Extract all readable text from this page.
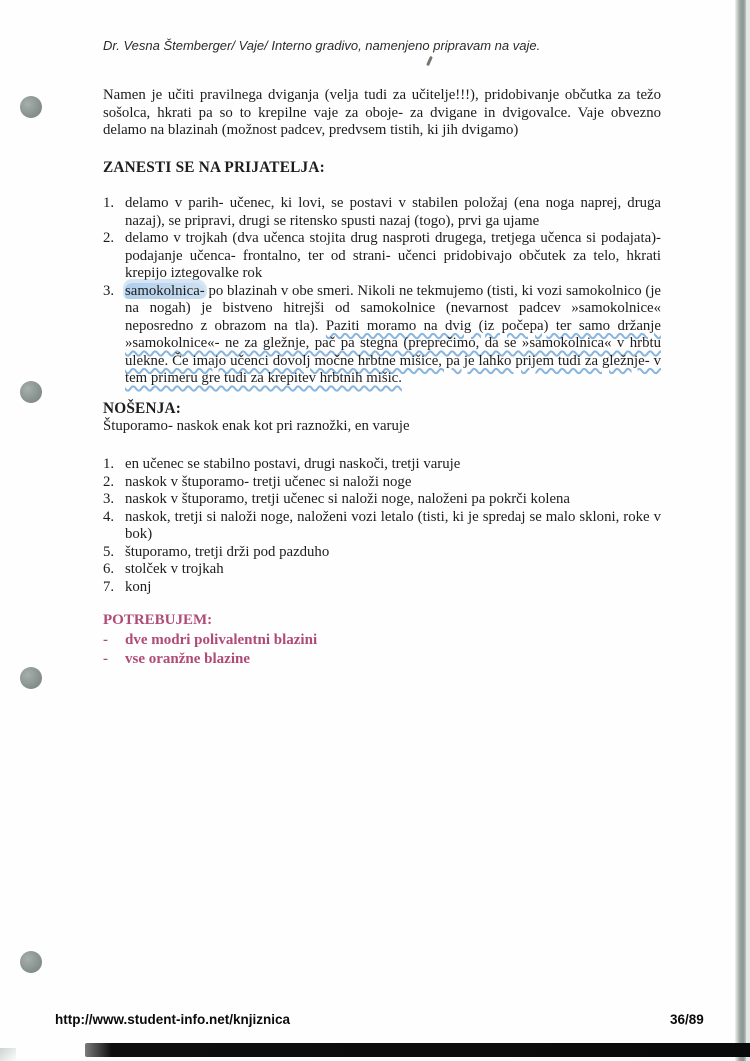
Dr. Vesna Štemberger/ Vaje/ Interno gradivo, namenjeno pripravam na vaje.
Namen je učiti pravilnega dviganja (velja tudi za učitelje!!!), pridobivanje občutka za težo sošolca, hkrati pa so to krepilne vaje za oboje- za dvigane in dvigovalce. Vaje obvezno delamo na blazinah (možnost padcev, predvsem tistih, ki jih dvigamo)
ZANESTI SE NA PRIJATELJA:
1. delamo v parih- učenec, ki lovi, se postavi v stabilen položaj (ena noga naprej, druga nazaj), se pripravi, drugi se ritensko spusti nazaj (togo), prvi ga ujame
2. delamo v trojkah (dva učenca stojita drug nasproti drugega, tretjega učenca si podajata)- podajanje učenca- frontalno, ter od strani- učenci pridobivajo občutek za telo, hkrati krepijo iztegovalke rok
3. samokolnica- po blazinah v obe smeri. Nikoli ne tekmujemo (tisti, ki vozi samokolnico (je na nogah) je bistveno hitrejši od samokolnice (nevarnost padcev »samokolnice« neposredno z obrazom na tla). Paziti moramo na dvig (iz počepa) ter samo držanje »samokolnice«- ne za gležnje, pač pa stegna (preprečimo, da se »samokolnica« v hrbtu ulekne. Če imajo učenci dovolj močne hrbtne mišice, pa je lahko prijem tudi za gležnje- v tem primeru gre tudi za krepitev hrbtnih mišic.
NOŠENJA:
Štuporamo- naskok enak kot pri raznožki, en varuje
1. en učenec se stabilno postavi, drugi naskoči, tretji varuje
2. naskok v štuporamo- tretji učenec si naloži noge
3. naskok v štuporamo, tretji učenec si naloži noge, naloženi pa pokrči kolena
4. naskok, tretji si naloži noge, naloženi vozi letalo (tisti, ki je spredaj se malo skloni, roke v bok)
5. štuporamo, tretji drži pod pazduho
6. stolček v trojkah
7. konj
POTREBUJEM:
-	dve modri polivalentni blazini
-	vse oranžne blazine
http://www.student-info.net/knjiznica	36/89
